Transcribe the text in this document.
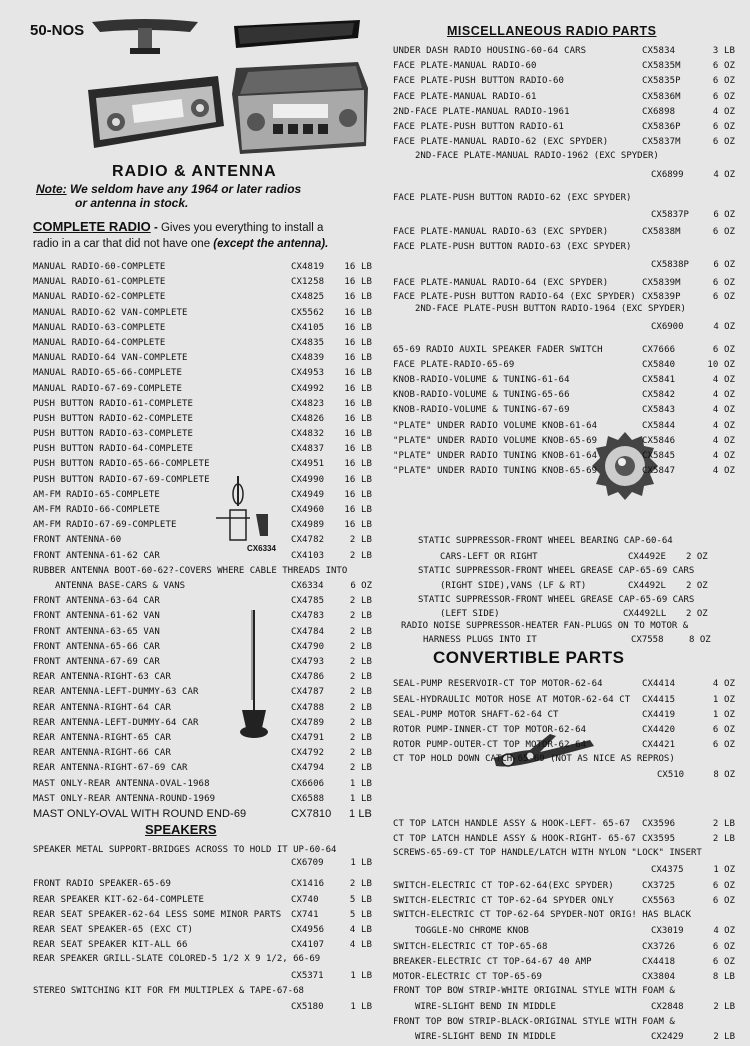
50-NOS
RADIO & ANTENNA
Note: We seldom have any 1964 or later radios
or antenna in stock.
COMPLETE RADIO - Gives you everything to install a
radio in a car that did not have one (except the antenna).
CX6334
MANUAL RADIO-60-COMPLETE	CX4819	16 LB
MANUAL RADIO-61-COMPLETE	CX1258	16 LB
MANUAL RADIO-62-COMPLETE	CX4825	16 LB
MANUAL RADIO-62 VAN-COMPLETE	CX5562	16 LB
MANUAL RADIO-63-COMPLETE	CX4105	16 LB
MANUAL RADIO-64-COMPLETE	CX4835	16 LB
MANUAL RADIO-64 VAN-COMPLETE	CX4839	16 LB
MANUAL RADIO-65-66-COMPLETE	CX4953	16 LB
MANUAL RADIO-67-69-COMPLETE	CX4992	16 LB
PUSH BUTTON RADIO-61-COMPLETE	CX4823	16 LB
PUSH BUTTON RADIO-62-COMPLETE	CX4826	16 LB
PUSH BUTTON RADIO-63-COMPLETE	CX4832	16 LB
PUSH BUTTON RADIO-64-COMPLETE	CX4837	16 LB
PUSH BUTTON RADIO-65-66-COMPLETE	CX4951	16 LB
PUSH BUTTON RADIO-67-69-COMPLETE	CX4990	16 LB
AM-FM RADIO-65-COMPLETE	CX4949	16 LB
AM-FM RADIO-66-COMPLETE	CX4960	16 LB
AM-FM RADIO-67-69-COMPLETE	CX4989	16 LB
FRONT ANTENNA-60	CX4782	2 LB
FRONT ANTENNA-61-62 CAR	CX4103	2 LB
RUBBER ANTENNA BOOT-60-62?-COVERS WHERE CABLE THREADS INTO
ANTENNA BASE-CARS & VANS	CX6334	6 OZ
FRONT ANTENNA-63-64 CAR	CX4785	2 LB
FRONT ANTENNA-61-62 VAN	CX4783	2 LB
FRONT ANTENNA-63-65 VAN	CX4784	2 LB
FRONT ANTENNA-65-66 CAR	CX4790	2 LB
FRONT ANTENNA-67-69 CAR	CX4793	2 LB
REAR ANTENNA-RIGHT-63 CAR	CX4786	2 LB
REAR ANTENNA-LEFT-DUMMY-63 CAR	CX4787	2 LB
REAR ANTENNA-RIGHT-64 CAR	CX4788	2 LB
REAR ANTENNA-LEFT-DUMMY-64 CAR	CX4789	2 LB
REAR ANTENNA-RIGHT-65 CAR	CX4791	2 LB
REAR ANTENNA-RIGHT-66 CAR	CX4792	2 LB
REAR ANTENNA-RIGHT-67-69 CAR	CX4794	2 LB
MAST ONLY-REAR ANTENNA-OVAL-1968	CX6606	1 LB
MAST ONLY-REAR ANTENNA-ROUND-1969	CX6588	1 LB
MAST ONLY-OVAL WITH ROUND END-69	CX7810	1 LB
SPEAKERS
SPEAKER METAL SUPPORT-BRIDGES ACROSS TO HOLD IT UP-60-64
CX6709	1 LB
FRONT RADIO SPEAKER-65-69	CX1416	2 LB
REAR SPEAKER KIT-62-64-COMPLETE	CX740	5 LB
REAR SEAT SPEAKER-62-64 LESS SOME MINOR PARTS CX741	5 LB
REAR SEAT SPEAKER-65 (EXC CT)	CX4956	4 LB
REAR SEAT SPEAKER KIT-ALL 66	CX4107	4 LB
REAR SPEAKER GRILL-SLATE COLORED-5 1/2 X 9 1/2, 66-69
CX5371	1 LB
STEREO SWITCHING KIT FOR FM MULTIPLEX & TAPE-67-68
CX5180	1 LB
MISCELLANEOUS RADIO PARTS
UNDER DASH RADIO HOUSING-60-64 CARS	CX5834	3 LB
FACE PLATE-MANUAL RADIO-60	CX5835M	6 OZ
FACE PLATE-PUSH BUTTON RADIO-60	CX5835P	6 OZ
FACE PLATE-MANUAL RADIO-61	CX5836M	6 OZ
2ND-FACE PLATE-MANUAL RADIO-1961	CX6898	4 OZ
FACE PLATE-PUSH BUTTON RADIO-61	CX5836P	6 OZ
FACE PLATE-MANUAL RADIO-62 (EXC SPYDER)	CX5837M	6 OZ
2ND-FACE PLATE-MANUAL RADIO-1962 (EXC SPYDER)
CX6899	4 OZ
FACE PLATE-PUSH BUTTON RADIO-62 (EXC SPYDER)
CX5837P	6 OZ
FACE PLATE-MANUAL RADIO-63 (EXC SPYDER)	CX5838M	6 OZ
FACE PLATE-PUSH BUTTON RADIO-63 (EXC SPYDER)
CX5838P	6 OZ
FACE PLATE-MANUAL RADIO-64 (EXC SPYDER)	CX5839M	6 OZ
FACE PLATE-PUSH BUTTON RADIO-64 (EXC SPYDER) CX5839P	6 OZ
2ND-FACE PLATE-PUSH BUTTON RADIO-1964 (EXC SPYDER)
CX6900	4 OZ
65-69 RADIO AUXIL SPEAKER FADER SWITCH	CX7666	6 OZ
FACE PLATE-RADIO-65-69	CX5840	10 OZ
KNOB-RADIO-VOLUME & TUNING-61-64	CX5841	4 OZ
KNOB-RADIO-VOLUME & TUNING-65-66	CX5842	4 OZ
KNOB-RADIO-VOLUME & TUNING-67-69	CX5843	4 OZ
"PLATE" UNDER RADIO VOLUME KNOB-61-64	CX5844	4 OZ
"PLATE" UNDER RADIO VOLUME KNOB-65-69	CX5846	4 OZ
"PLATE" UNDER RADIO TUNING KNOB-61-64	CX5845	4 OZ
"PLATE" UNDER RADIO TUNING KNOB-65-69	CX5847	4 OZ
STATIC SUPPRESSOR-FRONT WHEEL BEARING CAP-60-64
CARS-LEFT OR RIGHT	CX4492E 2 OZ
STATIC SUPPRESSOR-FRONT WHEEL GREASE CAP-65-69 CARS
(RIGHT SIDE),VANS (LF & RT)	CX4492L 2 OZ
STATIC SUPPRESSOR-FRONT WHEEL GREASE CAP-65-69 CARS
(LEFT SIDE)	CX4492LL 2 OZ
RADIO NOISE SUPPRESSOR-HEATER FAN-PLUGS ON TO MOTOR &
HARNESS PLUGS INTO IT	CX7558	8 OZ
CONVERTIBLE PARTS
SEAL-PUMP RESERVOIR-CT TOP MOTOR-62-64	CX4414	4 OZ
SEAL-HYDRAULIC MOTOR HOSE AT MOTOR-62-64 CT CX4415	1 OZ
SEAL-PUMP MOTOR SHAFT-62-64 CT	CX4419	1 OZ
ROTOR PUMP-INNER-CT TOP MOTOR-62-64	CX4420	6 OZ
ROTOR PUMP-OUTER-CT TOP MOTOR-62-64	CX4421	6 OZ
CT TOP HOLD DOWN CATCH-65-69 (NOT AS NICE AS REPROS)
CX510	8 OZ
CT TOP LATCH HANDLE ASSY & HOOK-LEFT- 65-67 CX3596	2 LB
CT TOP LATCH HANDLE ASSY & HOOK-RIGHT- 65-67 CX3595	2 LB
SCREWS-65-69-CT TOP HANDLE/LATCH WITH NYLON "LOCK" INSERT
CX4375	1 OZ
SWITCH-ELECTRIC CT TOP-62-64(EXC SPYDER)	CX3725	6 OZ
SWITCH-ELECTRIC CT TOP-62-64 SPYDER ONLY	CX5563	6 OZ
SWITCH-ELECTRIC CT TOP-62-64 SPYDER-NOT ORIG! HAS BLACK
TOGGLE-NO CHROME KNOB	CX3019	4 OZ
SWITCH-ELECTRIC CT TOP-65-68	CX3726	6 OZ
BREAKER-ELECTRIC CT TOP-64-67 40 AMP	CX4418	6 OZ
MOTOR-ELECTRIC CT TOP-65-69	CX3804	8 LB
FRONT TOP BOW STRIP-WHITE ORIGINAL STYLE WITH FOAM &
WIRE-SLIGHT BEND IN MIDDLE	CX2848	2 LB
FRONT TOP BOW STRIP-BLACK-ORIGINAL STYLE WITH FOAM &
WIRE-SLIGHT BEND IN MIDDLE	CX2429	2 LB
